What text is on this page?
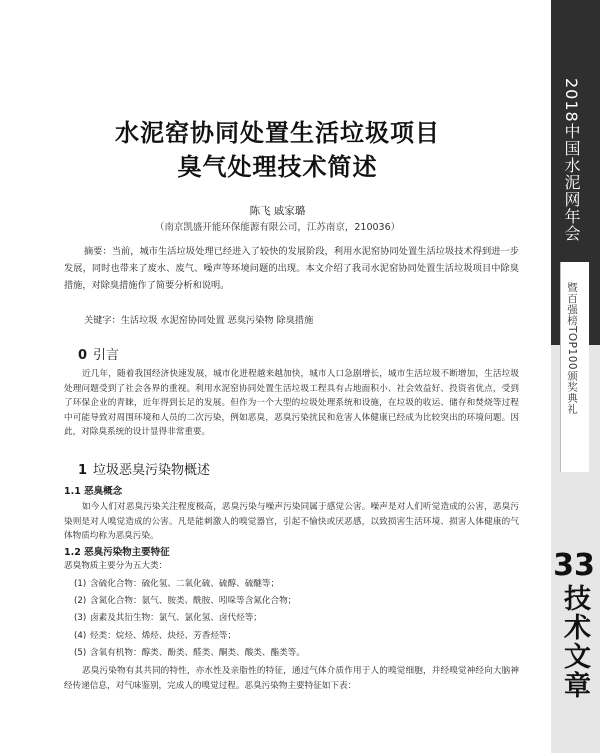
水泥窑协同处置生活垃圾项目
臭气处理技术简述
陈飞 戚家璐
（南京凯盛开能环保能源有限公司，江苏南京，210036）
摘要：当前，城市生活垃圾处理已经进入了较快的发展阶段，利用水泥窑协同处置生活垃圾技术得到进一步发展，同时也带来了废水、废气、噪声等环境问题的出现。本文介绍了我司水泥窑协同处置生活垃圾项目中除臭措施，对除臭措施作了简要分析和说明。
关键字：生活垃圾 水泥窑协同处置 恶臭污染物 除臭措施
0 引言
近几年，随着我国经济快速发展，城市化进程越来越加快，城市人口急剧增长，城市生活垃圾不断增加，生活垃圾处理问题受到了社会各界的重视。利用水泥窑协同处置生活垃圾工程具有占地面积小、社会效益好、投资省优点，受到了环保企业的青睐，近年得到长足的发展。但作为一个大型的垃圾处理系统和设施，在垃圾的收运、储存和焚烧等过程中可能导致对周围环境和人员的二次污染，例如恶臭，恶臭污染扰民和危害人体健康已经成为比较突出的环境问题。因此，对除臭系统的设计显得非常重要。
1 垃圾恶臭污染物概述
1.1 恶臭概念
如今人们对恶臭污染关注程度极高，恶臭污染与噪声污染同属于感觉公害。噪声是对人们听觉造成的公害，恶臭污染则是对人嗅觉造成的公害。凡是能刺激人的嗅觉器官，引起不愉快或厌恶感，以致损害生活环境、损害人体健康的气体物质均称为恶臭污染。
1.2 恶臭污染物主要特征
恶臭物质主要分为五大类：
(1) 含硫化合物：硫化氢、二氧化硫、硫醇、硫醚等；
(2) 含氮化合物：氨气、胺类、酰胺、吲哚等含氮化合物；
(3) 卤素及其衍生物：氯气、氯化氢、卤代烃等；
(4) 烃类：烷烃、烯烃、炔烃、芳香烃等；
(5) 含氧有机物：醇类、酚类、醛类、酮类、酸类、酯类等。
恶臭污染物有其共同的特性，亦水性及亲脂性的特征，通过气体介质作用于人的嗅觉细胞，并经嗅觉神经向大脑神经传递信息，对气味鉴别，完成人的嗅觉过程。恶臭污染物主要特征如下表：
2018中国水泥网年会
暨百强榜TOP100颁奖典礼
33
技术文章
